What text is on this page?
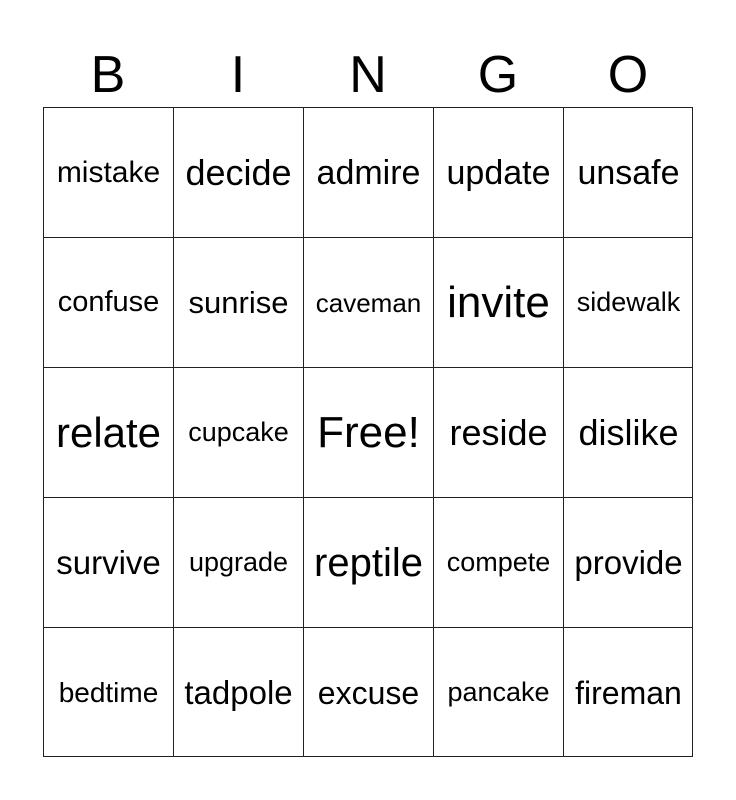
B	I	N	G	O
mistake decide admire update unsafe
confuse sunrise	caveman invite sidewalk
relate	cupcake Free! reside dislike
survive	upgrade reptile compete provide
bedtime tadpole excuse	pancake fireman
